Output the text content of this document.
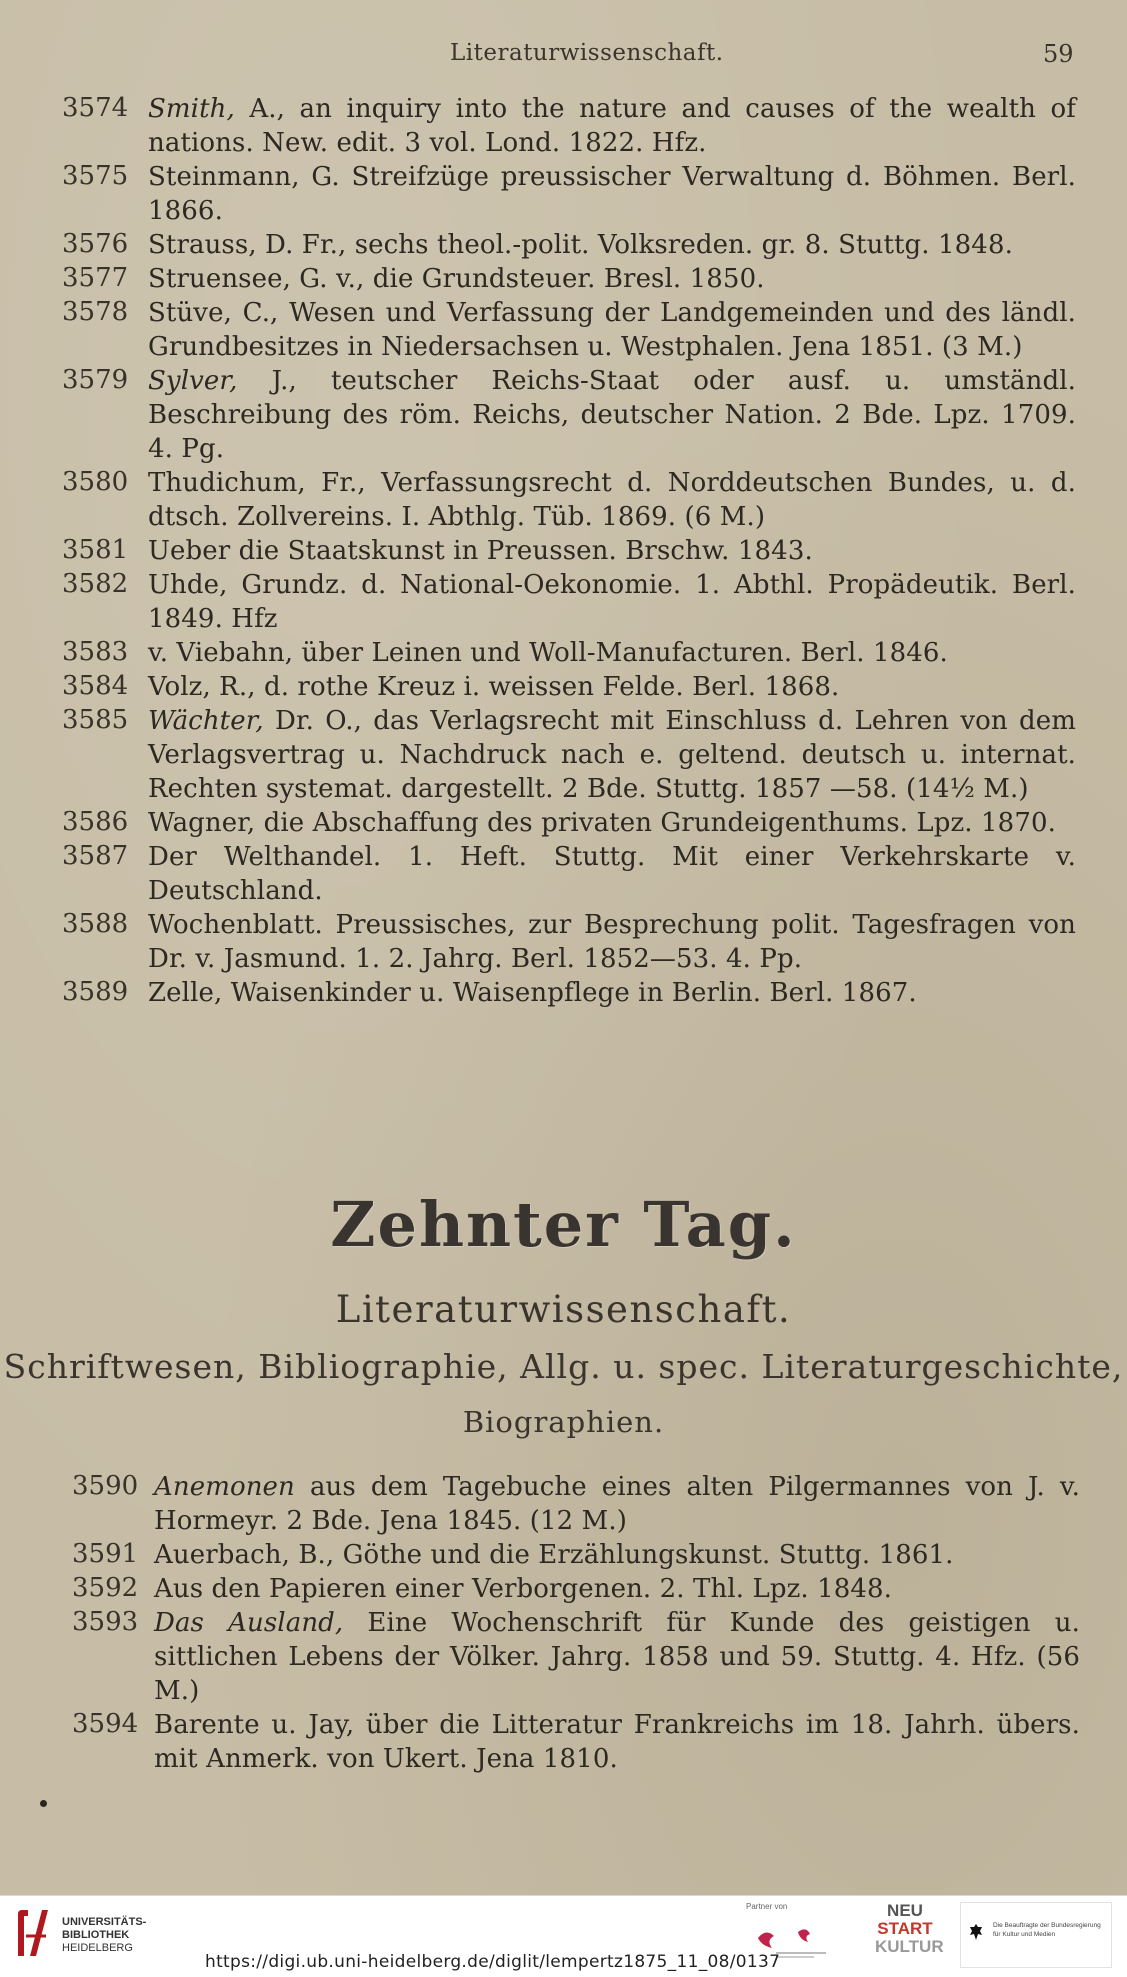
Literaturwissenschaft.	59
3574 Smith, A., an inquiry into the nature and causes of the wealth of nations. New. edit. 3 vol. Lond. 1822. Hfz.
3575 Steinmann, G. Streifzüge preussischer Verwaltung d. Böhmen. Berl. 1866.
3576 Strauss, D. Fr., sechs theol.-polit. Volksreden. gr. 8. Stuttg. 1848.
3577 Struensee, G. v., die Grundsteuer. Bresl. 1850.
3578 Stüve, C., Wesen und Verfassung der Landgemeinden und des ländl. Grundbesitzes in Niedersachsen u. Westphalen. Jena 1851. (3 M.)
3579 Sylver, J., teutscher Reichs-Staat oder ausf. u. umständl. Beschreibung des röm. Reichs, deutscher Nation. 2 Bde. Lpz. 1709. 4. Pg.
3580 Thudichum, Fr., Verfassungsrecht d. Norddeutschen Bundes, u. d. dtsch. Zollvereins. I. Abthlg. Tüb. 1869. (6 M.)
3581 Ueber die Staatskunst in Preussen. Brschw. 1843.
3582 Uhde, Grundz. d. National-Oekonomie. 1. Abthl. Propädeutik. Berl. 1849. Hfz
3583 v. Viebahn, über Leinen und Woll-Manufacturen. Berl. 1846.
3584 Volz, R., d. rothe Kreuz i. weissen Felde. Berl. 1868.
3585 Wächter, Dr. O., das Verlagsrecht mit Einschluss d. Lehren von dem Verlagsvertrag u. Nachdruck nach e. geltend. deutsch u. internat. Rechten systemat. dargestellt. 2 Bde. Stuttg. 1857 —58. (14½ M.)
3586 Wagner, die Abschaffung des privaten Grundeigenthums. Lpz. 1870.
3587 Der Welthandel. 1. Heft. Stuttg. Mit einer Verkehrskarte v. Deutschland.
3588 Wochenblatt. Preussisches, zur Besprechung polit. Tagesfragen von Dr. v. Jasmund. 1. 2. Jahrg. Berl. 1852—53. 4. Pp.
3589 Zelle, Waisenkinder u. Waisenpflege in Berlin. Berl. 1867.
Zehnter Tag.
Literaturwissenschaft.
Schriftwesen, Bibliographie, Allg. u. spec. Literaturgeschichte,
Biographien.
3590 Anemonen aus dem Tagebuche eines alten Pilgermannes von J. v. Hormeyr. 2 Bde. Jena 1845. (12 M.)
3591 Auerbach, B., Göthe und die Erzählungskunst. Stuttg. 1861.
3592 Aus den Papieren einer Verborgenen. 2. Thl. Lpz. 1848.
3593 Das Ausland, Eine Wochenschrift für Kunde des geistigen u. sittlichen Lebens der Völker. Jahrg. 1858 und 59. Stuttg. 4. Hfz. (56 M.)
3594 Barente u. Jay, über die Litteratur Frankreichs im 18. Jahrh. übers. mit Anmerk. von Ukert. Jena 1810.
UNIVERSITÄTS-
BIBLIOTHEK
HEIDELBERG
Partner von	NEU
START
KULTUR
Die Beauftragte der Bundesregierung
für Kultur und Medien
https://digi.ub.uni-heidelberg.de/diglit/lempertz1875_11_08/0137
